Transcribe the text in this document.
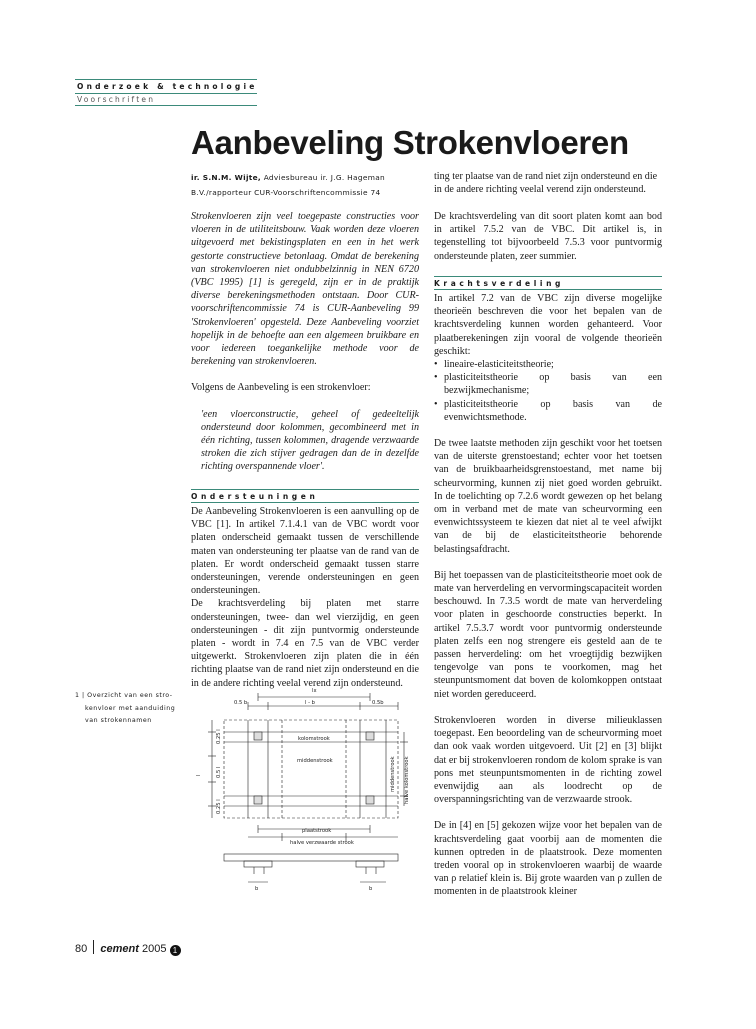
Onderzoek & technologie
Voorschriften
Aanbeveling Strokenvloeren
ir. S.N.M. Wijte, Adviesbureau ir. J.G. Hageman B.V./rapporteur CUR-Voorschriftencommissie 74
Strokenvloeren zijn veel toegepaste constructies voor vloeren in de utiliteitsbouw. Vaak worden deze vloeren uitgevoerd met bekistingsplaten en een in het werk gestorte constructieve betonlaag. Omdat de berekening van strokenvloeren niet ondubbelzinnig in NEN 6720 (VBC 1995) [1] is geregeld, zijn er in de praktijk diverse berekeningsmethoden ontstaan. Door CUR-voorschriftencommissie 74 is CUR-Aanbeveling 99 'Strokenvloeren' opgesteld. Deze Aanbeveling voorziet hopelijk in de behoefte aan een algemeen bruikbare en voor iedereen toegankelijke methode voor de berekening van strokenvloeren.
Volgens de Aanbeveling is een strokenvloer:
'een vloerconstructie, geheel of gedeeltelijk ondersteund door kolommen, gecombineerd met in één richting, tussen kolommen, dragende verzwaarde stroken die zich stijver gedragen dan de in dezelfde richting overspannende vloer'.
Ondersteuningen

De Aanbeveling Strokenvloeren is een aanvulling op de VBC [1]. In artikel 7.1.4.1 van de VBC wordt voor platen onderscheid gemaakt tussen de verschillende maten van ondersteuning ter plaatse van de rand van de platen. Er wordt onderscheid gemaakt tussen starre ondersteuningen, verende ondersteuningen en geen ondersteuningen.

De krachtsverdeling bij platen met starre ondersteuningen, twee- dan wel vierzijdig, en geen ondersteuningen - dit zijn puntvormig ondersteunde platen - wordt in 7.4 en 7.5 van de VBC verder uitgewerkt. Strokenvloeren zijn platen die in één richting plaatse van de rand niet zijn ondersteund en die in de andere richting veelal verend zijn ondersteund.

ting ter plaatse van de rand niet zijn ondersteund en die in de andere richting veelal verend zijn ondersteund.

De krachtsverdeling van dit soort platen komt aan bod in artikel 7.5.2 van de VBC. Dit artikel is, in tegenstelling tot bijvoorbeeld 7.5.3 voor puntvormig ondersteunde platen, zeer summier.

Krachtsverdeling

In artikel 7.2 van de VBC zijn diverse mogelijke theorieën beschreven die voor het bepalen van de krachtsverdeling kunnen worden gehanteerd. Voor plaatberekeningen zijn vooral de volgende theorieën geschikt:

• lineaire-elasticiteitstheorie;
• plasticiteitstheorie op basis van een bezwijkmechanisme;
• plasticiteitstheorie op basis van de evenwichtsmethode.

De twee laatste methoden zijn geschikt voor het toetsen van de uiterste grenstoestand; echter voor het toetsen van de bruikbaarheidsgrenstoestand, met name bij scheurvorming, kunnen zij niet goed worden gebruikt. In de toelichting op 7.2.6 wordt gewezen op het belang om in verband met de mate van scheurvorming een evenwichtssysteem te kiezen dat niet al te veel afwijkt van de bij de elasticiteitstheorie behorende belastingsafdracht.

Bij het toepassen van de plasticiteitstheorie moet ook de mate van herverdeling en vervormingscapaciteit worden beschouwd. In 7.3.5 wordt de mate van herverdeling voor platen in geschoorde constructies beperkt. In artikel 7.5.3.7 wordt voor puntvormig ondersteunde platen zelfs een nog strengere eis gesteld aan de te passen herverdeling: om het vroegtijdig bezwijken tengevolge van pons te voorkomen, mag het steunpuntsmoment dat boven de kolomkoppen ontstaat niet worden gereduceerd.

Strokenvloeren worden in diverse milieuklassen toegepast. Een beoordeling van de scheurvorming moet dan ook vaak worden uitgevoerd. Uit [2] en [3] blijkt dat er bij strokenvloeren rondom de kolom sprake is van pons met steunpuntsmomenten in de richting zowel evenwijdig aan als loodrecht op de overspanningsrichting van de verzwaarde strook.

De in [4] en [5] gekozen wijze voor het bepalen van de krachtsverdeling gaat voorbij aan de momenten die kunnen optreden in de plaatstrook. Deze momenten treden vooral op in strokenvloeren waarbij de waarde van ρ relatief klein is. Bij grote waarden van ρ zullen de momenten in de plaatstrook kleiner

1 | Overzicht van een stro-
kenvloer met aanduiding
van strokennamen
lx
0.5 b	l - b	0.5b
kolomstrook
middenstrook
plaatstrook
halve verzwaarde strook
halve kolomstrook
middenstrook
l
0.25 l
0.5 l
0.25 l
b	b
80 cement 2005 1
